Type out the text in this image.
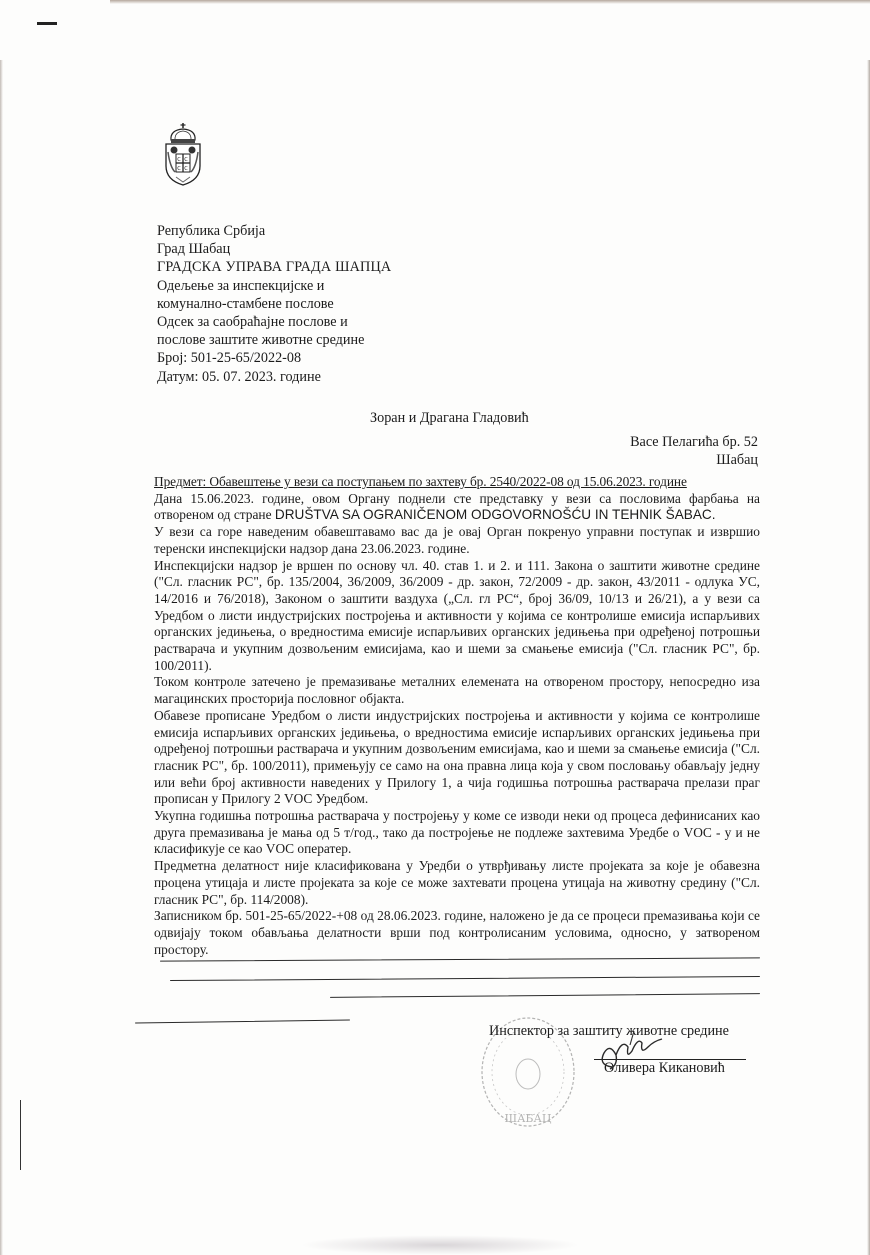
C C
C C
Република Србија
Град Шабац
ГРАДСКА УПРАВА ГРАДА ШАПЦА
Одељење за инспекцијске и
комунално-стамбене послове
Одсек за саобраћајне послове и
послове заштите животне средине
Број: 501-25-65/2022-08
Датум: 05. 07. 2023. године
Зоран и Драгана Гладовић
Васе Пелагића бр. 52
Шабац

Предмет: Обавештење у вези са поступањем по захтеву бр. 2540/2022-08 од 15.06.2023. године

Дана 15.06.2023. године, овом Органу поднели сте представку у вези са пословима фарбања на отвореном од стране DRUŠTVA SA OGRANIČENOM ODGOVORNOŠĆU IN TEHNIK ŠABAC.

У вези са горе наведеним обавештавамо вас да је овај Орган покренуо управни поступак и извршио теренски инспекцијски надзор дана 23.06.2023. године.

Инспекцијски надзор је вршен по основу чл. 40. став 1. и 2. и 111. Закона о заштити животне средине ("Сл. гласник РС", бр. 135/2004, 36/2009, 36/2009 - др. закон, 72/2009 - др. закон, 43/2011 - одлука УС, 14/2016 и 76/2018), Законом о заштити ваздуха („Сл. гл РС“, број 36/09, 10/13 и 26/21), а у вези са Уредбом о листи индустријских постројења и активности у којима се контролише емисија испарљивих органских једињења, о вредностима емисије испарљивих органских једињења при одређеној потрошњи растварача и укупним дозвољеним емисијама, као и шеми за смањење емисија ("Сл. гласник РС", бр. 100/2011).

Током контроле затечено је премазивање металних елемената на отвореном простору, непосредно иза магацинских просторија пословног објакта.

Обавезе прописане Уредбом о листи индустријских постројења и активности у којима се контролише емисија испарљивих органских једињења, о вредностима емисије испарљивих органских једињења при одређеној потрошњи растварача и укупним дозвољеним емисијама, као и шеми за смањење емисија ("Сл. гласник РС", бр. 100/2011), примењују се само на она правна лица која у свом пословању обављају једну или већи број активности наведених у Прилогу 1, а чија годишња потрошња растварача прелази праг прописан у Прилогу 2 VOC Уредбом.

Укупна годишња потрошња растварача у постројењу у коме се изводи неки од процеса дефинисаних као друга премазивања је мања од 5 т/год., тако да постројење не подлеже захтевима Уредбе о VOC - у и не класификује се као VOC оператер.

Предметна делатност није класификована у Уредби о утврђивању листе пројеката за које је обавезна процена утицаја и листе пројеката за које се може захтевати процена утицаја на животну средину ("Сл. гласник РС", бр. 114/2008).

Записником бр. 501-25-65/2022-+08 од 28.06.2023. године, наложено је да се процеси премазивања који се одвијају током обављања делатности врши под контролисаним условима, односно, у затвореном простору.

ШАБАЦ
Инспектор за заштиту животне средине
Оливера Кикановић
